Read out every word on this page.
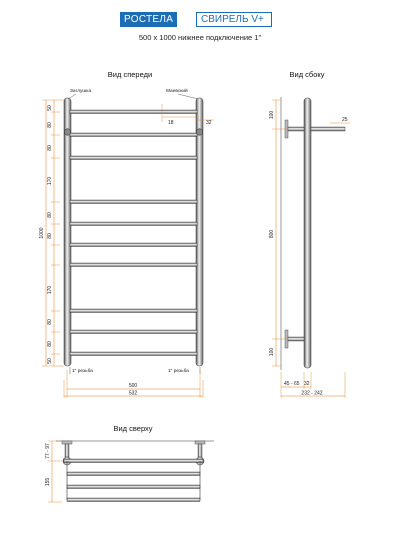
РОСТЕЛА	СВИРЕЛЬ V+
500 x 1000 нижнее подключение 1"
Вид спереди
Заглушка	Маевский
18	32
1" резьба	1" резьба
50
80
80
170
80
80
170
80
80
50
1000
500
532
Вид сбоку
25
100
800
100
45 - 65 32
232 - 242
Вид сверху
77 - 97
155
